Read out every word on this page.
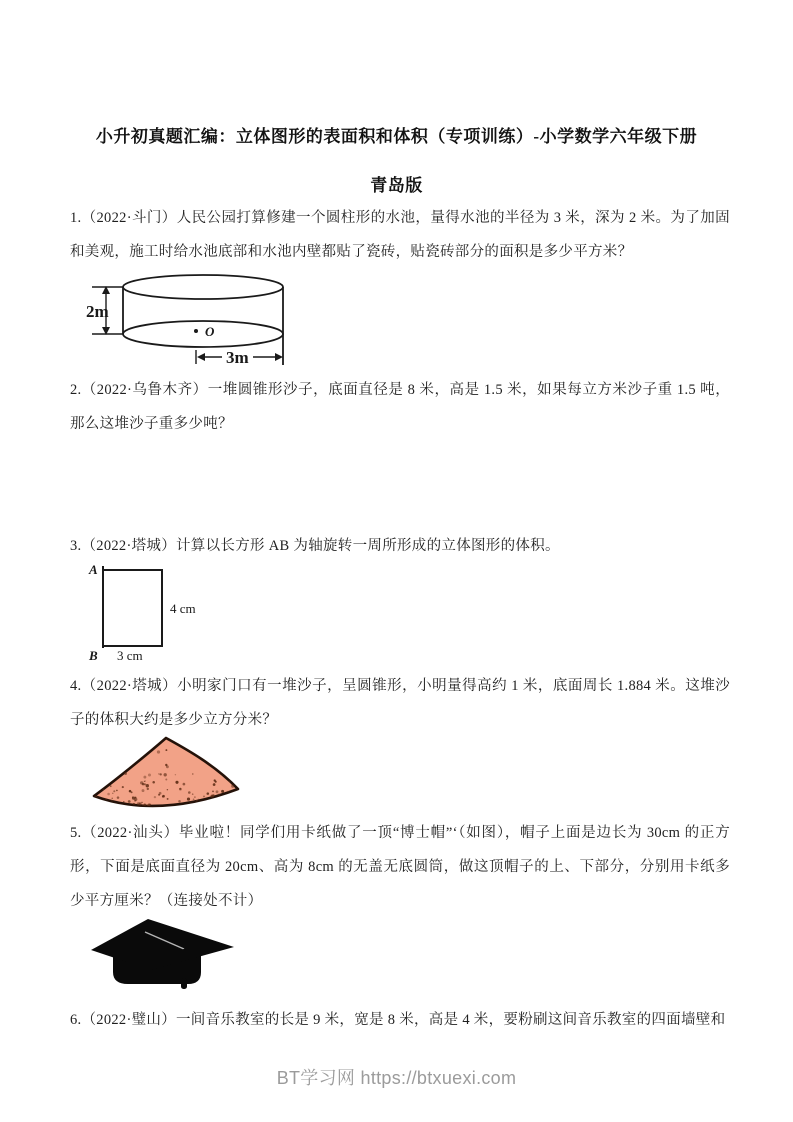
小升初真题汇编：立体图形的表面积和体积（专项训练）-小学数学六年级下册
青岛版
1.（2022·斗门）人民公园打算修建一个圆柱形的水池，量得水池的半径为 3 米，深为 2 米。为了加固和美观，施工时给水池底部和水池内壁都贴了瓷砖，贴瓷砖部分的面积是多少平方米？
2m
O
3m
2.（2022·乌鲁木齐）一堆圆锥形沙子，底面直径是 8 米，高是 1.5 米，如果每立方米沙子重 1.5 吨，那么这堆沙子重多少吨？
3.（2022·塔城）计算以长方形 AB 为轴旋转一周所形成的立体图形的体积。
A
B
4 cm
3 cm
4.（2022·塔城）小明家门口有一堆沙子，呈圆锥形，小明量得高约 1 米，底面周长 1.884 米。这堆沙子的体积大约是多少立方分米？
5.（2022·汕头）毕业啦！同学们用卡纸做了一顶“博士帽”‘（如图），帽子上面是边长为 30cm 的正方形，下面是底面直径为 20cm、高为 8cm 的无盖无底圆筒，做这顶帽子的上、下部分，分别用卡纸多少平方厘米？（连接处不计）
6.（2022·璧山）一间音乐教室的长是 9 米，宽是 8 米，高是 4 米，要粉刷这间音乐教室的四面墙壁和
BT学习网 https://btxuexi.com
